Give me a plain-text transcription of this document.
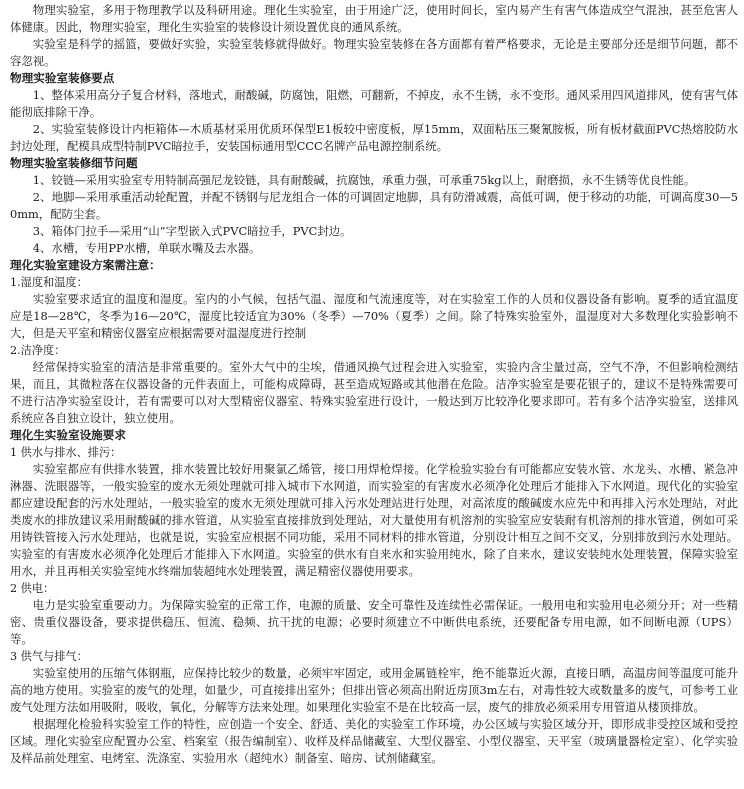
物理实验室，多用于物理教学以及科研用途。理化生实验室，由于用途广泛，使用时间长，室内易产生有害气体造成空气混浊，甚至危害人体健康。因此，物理实验室，理化生实验室的装修设计须设置优良的通风系统。
实验室是科学的摇篮，要做好实验，实验室装修就得做好。物理实验室装修在各方面都有着严格要求，无论是主要部分还是细节问题，都不容忽视。
物理实验室装修要点
1、整体采用高分子复合材料，落地式，耐酸碱，防腐蚀，阻燃，可翻新，不掉皮，永不生锈，永不变形。通风采用四风道排风，使有害气体能彻底排除干净。
2、实验室装修设计内柜箱体—木质基材采用优质环保型E1板较中密度板，厚15mm，双面粘压三聚氰胺板，所有板材截面PVC热熔胶防水封边处理，配模具成型特制PVC暗拉手，安装国标通用型CCC名牌产品电源控制系统。
物理实验室装修细节问题
1、铰链—采用实验室专用特制高强尼龙铰链，具有耐酸碱，抗腐蚀，承重力强，可承重75kg以上，耐磨损，永不生锈等优良性能。
2、地脚—采用承重活动轮配置，并配不锈钢与尼龙组合一体的可调固定地脚，具有防滑减震，高低可调，便于移动的功能，可调高度30—50mm，配防尘套。
3、箱体门拉手—采用“山”字型嵌入式PVC暗拉手，PVC封边。
4、水槽，专用PP水槽，单联水嘴及去水器。
理化实验室建设方案需注意：
1.湿度和温度：
实验室要求适宜的温度和湿度。室内的小气候，包括气温、湿度和气流速度等，对在实验室工作的人员和仪器设备有影响。夏季的适宜温度应是18—28℃，冬季为16—20℃，湿度比较适宜为30%（冬季）—70%（夏季）之间。除了特殊实验室外，温湿度对大多数理化实验影响不大，但是天平室和精密仪器室应根据需要对温湿度进行控制
2.洁净度：
经常保持实验室的清洁是非常重要的。室外大气中的尘埃，借通风换气过程会进入实验室，实验内含尘量过高，空气不净，不但影响检测结果，而且，其微粒落在仪器设备的元件表面上，可能构成障碍，甚至造成短路或其他潜在危险。洁净实验室是要花银子的，建议不是特殊需要可不进行洁净实验室设计，若有需要可以对大型精密仪器室、特殊实验室进行设计，一般达到万比较净化要求即可。若有多个洁净实验室，送排风系统应各自独立设计，独立使用。
理化生实验室设施要求
1 供水与排水、排污：
实验室都应有供排水装置，排水装置比较好用聚氯乙烯管，接口用焊枪焊接。化学检验实验台有可能都应安装水管、水龙头、水槽、紧急冲淋器、洗眼器等，一般实验室的废水无须处理就可排入城市下水网道，而实验室的有害废水必须净化处理后才能排入下水网道。现代化的实验室都应建设配套的污水处理站，一般实验室的废水无须处理就可排入污水处理站进行处理，对高浓度的酸碱废水应先中和再排入污水处理站，对此类废水的排放建议采用耐酸碱的排水管道，从实验室直接排放到处理站，对大量使用有机溶剂的实验室应安装耐有机溶剂的排水管道，例如可采用铸铁管接入污水处理站，也就是说，实验室应根据不同功能，采用不同材料的排水管道，分别设计相互之间不交叉，分别排放到污水处理站。实验室的有害废水必须净化处理后才能排入下水网道。实验室的供水有自来水和实验用纯水，除了自来水，建议安装纯水处理装置，保障实验室用水，并且再相关实验室纯水终端加装超纯水处理装置，满足精密仪器使用要求。
2 供电：
电力是实验室重要动力。为保障实验室的正常工作，电源的质量、安全可靠性及连续性必需保证。一般用电和实验用电必须分开；对一些精密、贵重仪器设备，要求提供稳压、恒流、稳频、抗干扰的电源；必要时须建立不中断供电系统，还要配备专用电源，如不间断电源（UPS）等。
3 供气与排气：
实验室使用的压缩气体钢瓶，应保持比较少的数量，必须牢牢固定，或用金属链栓牢，绝不能靠近火源，直接日晒，高温房间等温度可能升高的地方使用。实验室的废气的处理，如量少，可直接排出室外；但排出管必须高出附近房顶3m左右，对毒性较大或数量多的废气，可参考工业废气处理方法如用吸附，吸收，氧化，分解等方法来处理。如果理化实验室不是在比较高一层，废气的排放必须采用专用管道从楼顶排放。
根据理化检验科实验室工作的特性，应创造一个安全、舒适、美化的实验室工作环境，办公区域与实验区域分开，即形成非受控区域和受控区域。理化实验室应配置办公室、档案室（报告编制室）、收样及样品储藏室、大型仪器室、小型仪器室、天平室（玻璃量器检定室）、化学实验及样品前处理室、电烤室、洗涤室、实验用水（超纯水）制备室、暗房、试剂储藏室。
